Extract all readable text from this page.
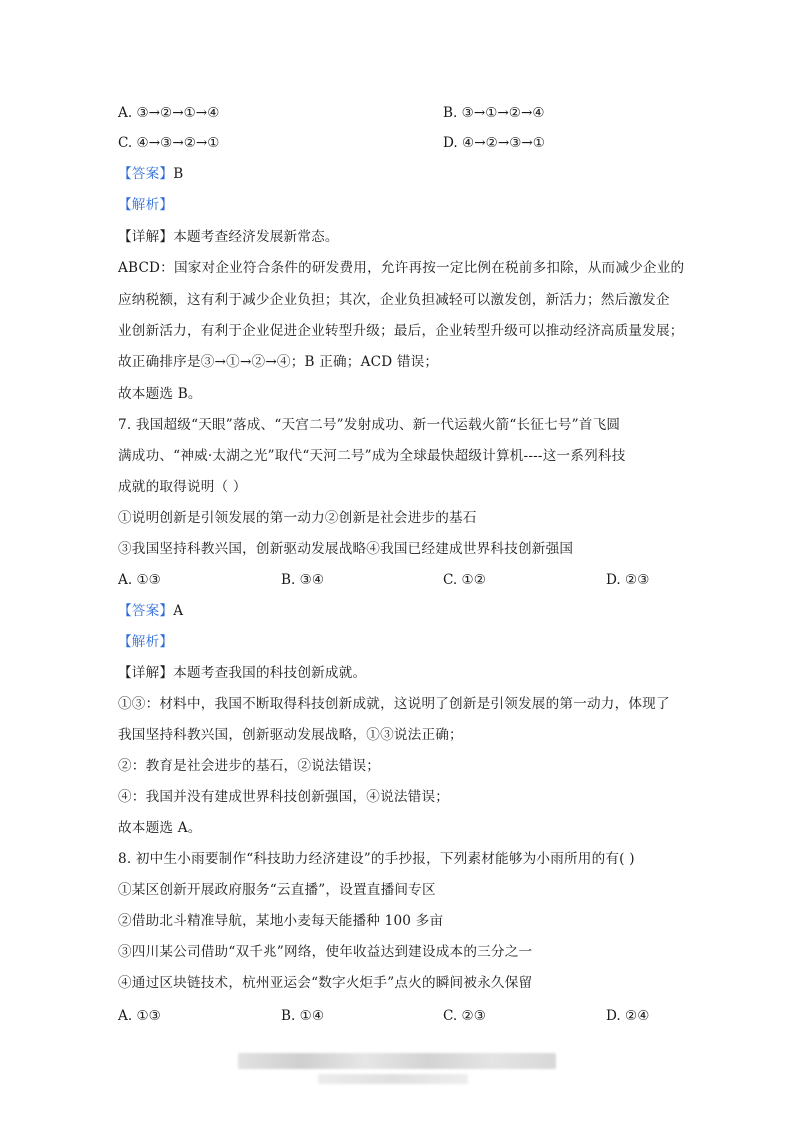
A. ③→②→①→④	B. ③→①→②→④
C. ④→③→②→①	D. ④→②→③→①
【答案】B
【解析】
【详解】本题考查经济发展新常态。
ABCD：国家对企业符合条件的研发费用，允许再按一定比例在税前多扣除，从而减少企业的
应纳税额，这有利于减少企业负担；其次，企业负担减轻可以激发创，新活力；然后激发企
业创新活力，有利于企业促进企业转型升级；最后，企业转型升级可以推动经济高质量发展；
故正确排序是③→①→②→④；B 正确；ACD 错误；
故本题选 B。
7. 我国超级“天眼”落成、“天宫二号”发射成功、新一代运载火箭“长征七号”首飞圆
满成功、“神威·太湖之光”取代“天河二号”成为全球最快超级计算机----这一系列科技
成就的取得说明（ ）
①说明创新是引领发展的第一动力②创新是社会进步的基石
③我国坚持科教兴国，创新驱动发展战略④我国已经建成世界科技创新强国
A. ①③	B. ③④	C. ①②	D. ②③
【答案】A
【解析】
【详解】本题考查我国的科技创新成就。
①③：材料中，我国不断取得科技创新成就，这说明了创新是引领发展的第一动力，体现了
我国坚持科教兴国，创新驱动发展战略，①③说法正确；
②：教育是社会进步的基石，②说法错误；
④：我国并没有建成世界科技创新强国，④说法错误；
故本题选 A。
8. 初中生小雨要制作“科技助力经济建设”的手抄报，下列素材能够为小雨所用的有( )
①某区创新开展政府服务“云直播”，设置直播间专区
②借助北斗精准导航，某地小麦每天能播种 100 多亩
③四川某公司借助“双千兆”网络，使年收益达到建设成本的三分之一
④通过区块链技术，杭州亚运会“数字火炬手”点火的瞬间被永久保留
A. ①③	B. ①④	C. ②③	D. ②④
